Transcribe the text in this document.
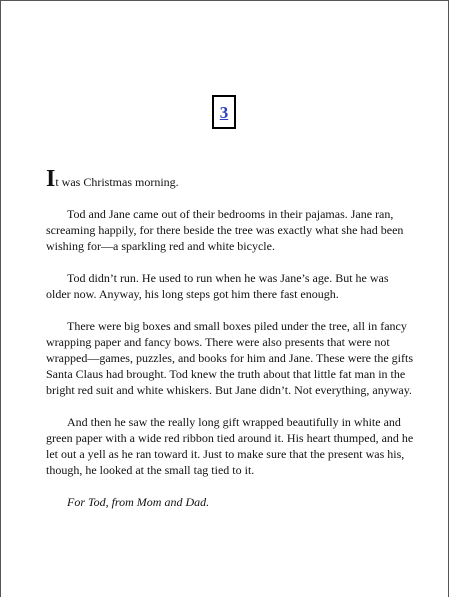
3

It was Christmas morning.

Tod and Jane came out of their bedrooms in their pajamas. Jane ran, screaming happily, for there beside the tree was exactly what she had been wishing for—a sparkling red and white bicycle.

Tod didn’t run. He used to run when he was Jane’s age. But he was older now. Anyway, his long steps got him there fast enough.

There were big boxes and small boxes piled under the tree, all in fancy wrapping paper and fancy bows. There were also presents that were not wrapped—games, puzzles, and books for him and Jane. These were the gifts Santa Claus had brought. Tod knew the truth about that little fat man in the bright red suit and white whiskers. But Jane didn’t. Not everything, anyway.

And then he saw the really long gift wrapped beautifully in white and green paper with a wide red ribbon tied around it. His heart thumped, and he let out a yell as he ran toward it. Just to make sure that the present was his, though, he looked at the small tag tied to it.

For Tod, from Mom and Dad.
